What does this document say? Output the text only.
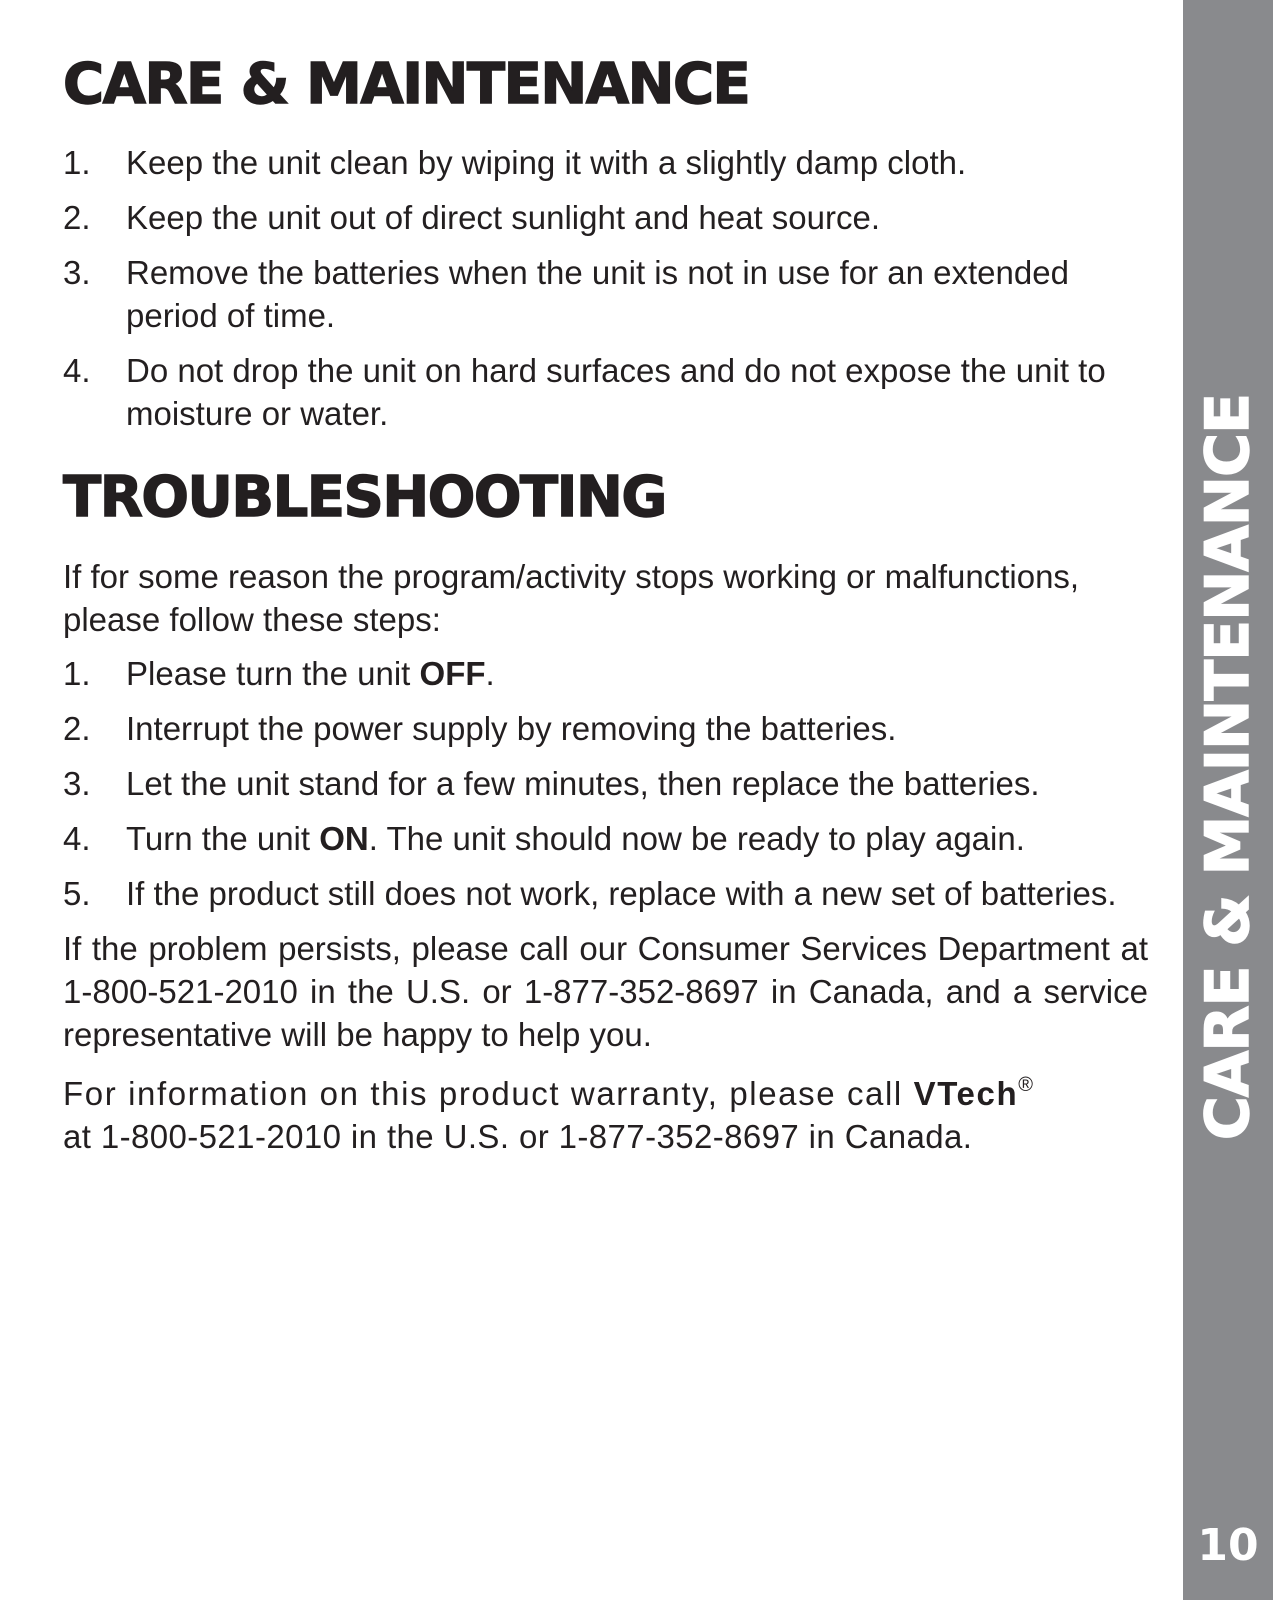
CARE & MAINTENANCE
1. Keep the unit clean by wiping it with a slightly damp cloth.
2. Keep the unit out of direct sunlight and heat source.
3. Remove the batteries when the unit is not in use for an extended period of time.
4. Do not drop the unit on hard surfaces and do not expose the unit to moisture or water.
TROUBLESHOOTING

If for some reason the program/activity stops working or malfunctions, please follow these steps:

1. Please turn the unit OFF.
2. Interrupt the power supply by removing the batteries.
3. Let the unit stand for a few minutes, then replace the batteries.
4. Turn the unit ON. The unit should now be ready to play again.
5. If the product still does not work, replace with a new set of batteries.

If the problem persists, please call our Consumer Services Department at 1-800-521-2010 in the U.S. or 1-877-352-8697 in Canada, and a service representative will be happy to help you.

For information on this product warranty, please call VTech®
at 1-800-521-2010 in the U.S. or 1-877-352-8697 in Canada.	CARE & MAINTENANCE
10
